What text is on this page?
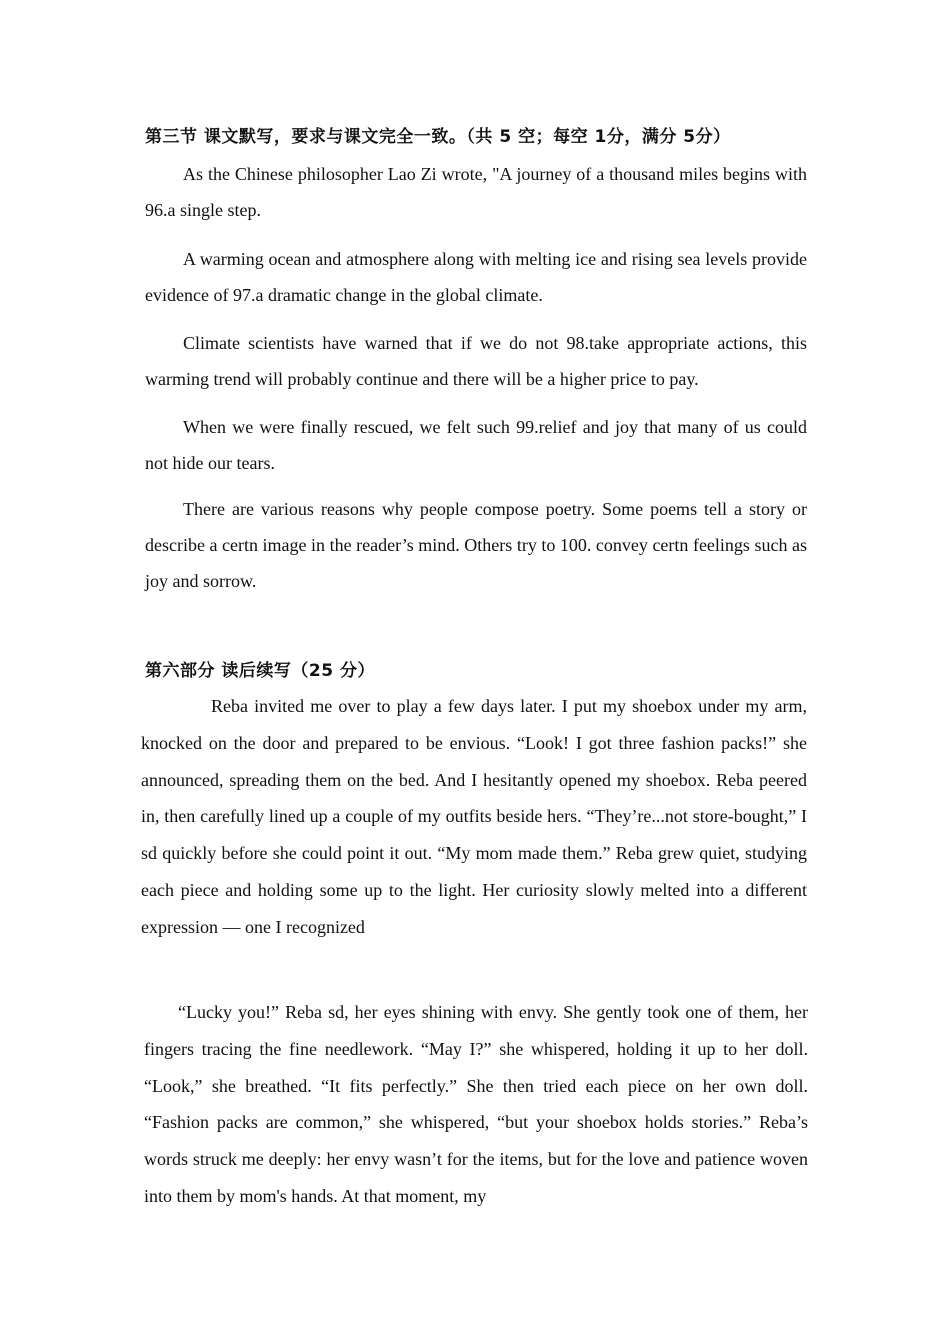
第三节 课文默写，要求与课文完全一致。（共 5 空；每空 1分，满分 5分）

As the Chinese philosopher Lao Zi wrote, "A journey of a thousand miles begins with 96.a single step.

A warming ocean and atmosphere along with melting ice and rising sea levels provide evidence of 97.a dramatic change in the global climate.

Climate scientists have warned that if we do not 98.take appropriate actions, this warming trend will probably continue and there will be a higher price to pay.

When we were finally rescued, we felt such 99.relief and joy that many of us could not hide our tears.

There are various reasons why people compose poetry. Some poems tell a story or describe a certn image in the reader’s mind. Others try to 100. convey certn feelings such as joy and sorrow.

第六部分 读后续写（25 分）

Reba invited me over to play a few days later. I put my shoebox under my arm, knocked on the door and prepared to be envious. “Look! I got three fashion packs!” she announced, spreading them on the bed. And I hesitantly opened my shoebox. Reba peered in, then carefully lined up a couple of my outfits beside hers. “They’re...not store-bought,” I sd quickly before she could point it out. “My mom made them.” Reba grew quiet, studying each piece and holding some up to the light. Her curiosity slowly melted into a different expression — one I recognized

“Lucky you!” Reba sd, her eyes shining with envy. She gently took one of them, her fingers tracing the fine needlework. “May I?” she whispered, holding it up to her doll. “Look,” she breathed. “It fits perfectly.” She then tried each piece on her own doll. “Fashion packs are common,” she whispered, “but your shoebox holds stories.” Reba’s words struck me deeply: her envy wasn’t for the items, but for the love and patience woven into them by mom's hands. At that moment, my
